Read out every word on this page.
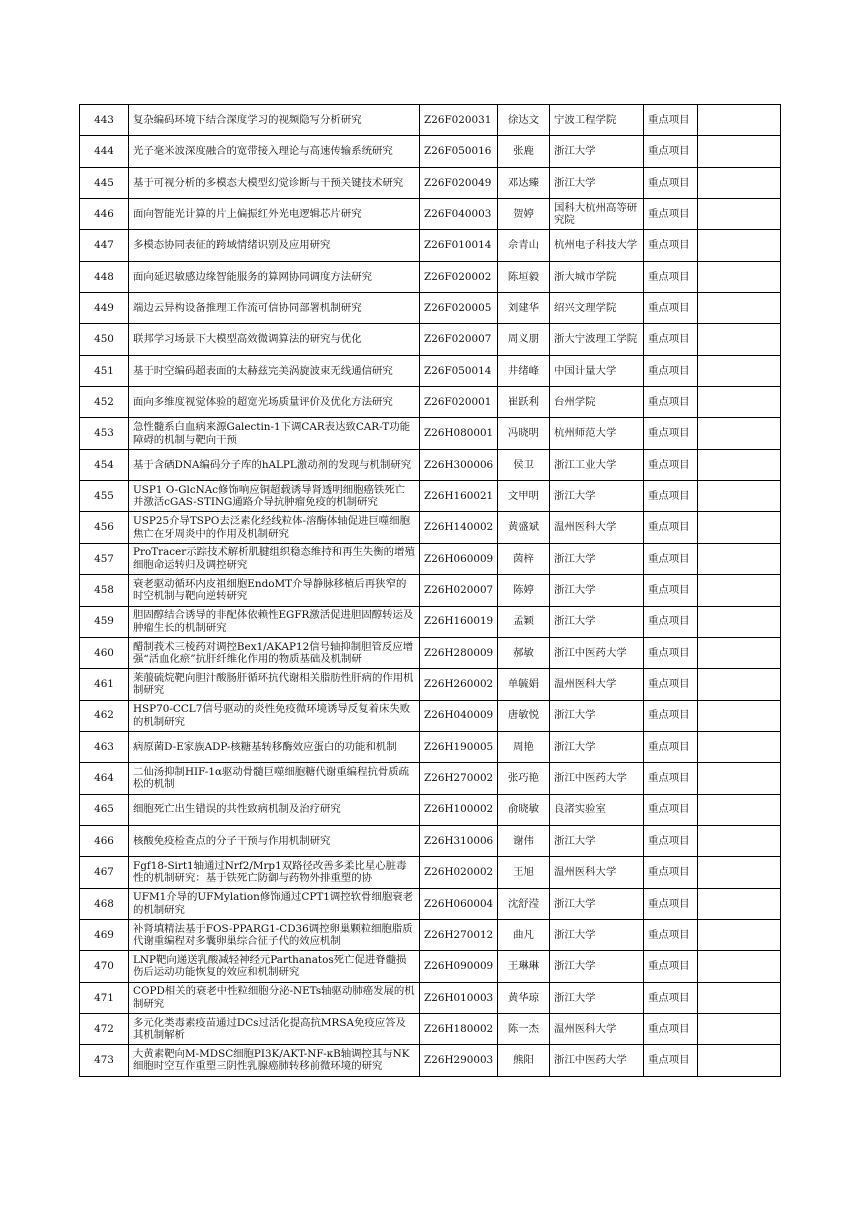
443	复杂编码环境下结合深度学习的视频隐写分析研究	Z26F020031	徐达文	宁波工程学院	重点项目	
444	光子毫米波深度融合的宽带接入理论与高速传输系统研究	Z26F050016	张鹿	浙江大学	重点项目	
445	基于可视分析的多模态大模型幻觉诊断与干预关键技术研究	Z26F020049	邓达臻	浙江大学	重点项目	
446	面向智能光计算的片上偏振红外光电逻辑芯片研究	Z26F040003	贺婷	国科大杭州高等研究院	重点项目	
447	多模态协同表征的跨域情绪识别及应用研究	Z26F010014	佘青山	杭州电子科技大学	重点项目	
448	面向延迟敏感边缘智能服务的算网协同调度方法研究	Z26F020002	陈垣毅	浙大城市学院	重点项目	
449	端边云异构设备推理工作流可信协同部署机制研究	Z26F020005	刘建华	绍兴文理学院	重点项目	
450	联邦学习场景下大模型高效微调算法的研究与优化	Z26F020007	周义朋	浙大宁波理工学院	重点项目	
451	基于时空编码超表面的太赫兹完美涡旋波束无线通信研究	Z26F050014	井绪峰	中国计量大学	重点项目	
452	面向多维度视觉体验的超宽光场质量评价及优化方法研究	Z26F020001	崔跃利	台州学院	重点项目	
453	急性髓系白血病来源Galectin-1下调CAR表达致CAR-T功能障碍的机制与靶向干预	Z26H080001	冯晓明	杭州师范大学	重点项目	
454	基于含硒DNA编码分子库的hALPL激动剂的发现与机制研究	Z26H300006	侯卫	浙江工业大学	重点项目	
455	USP1 O-GlcNAc修饰响应铜超载诱导肾透明细胞癌铁死亡并激活cGAS-STING通路介导抗肿瘤免疫的机制研究	Z26H160021	文甲明	浙江大学	重点项目	
456	USP25介导TSPO去泛素化经线粒体-溶酶体轴促进巨噬细胞焦亡在牙周炎中的作用及机制研究	Z26H140002	黄盛斌	温州医科大学	重点项目	
457	ProTracer示踪技术解析肌腱组织稳态维持和再生失衡的增殖细胞命运转归及调控研究	Z26H060009	茵梓	浙江大学	重点项目	
458	衰老驱动循环内皮祖细胞EndoMT介导静脉移植后再狭窄的时空机制与靶向逆转研究	Z26H020007	陈婷	浙江大学	重点项目	
459	胆固醇结合诱导的非配体依赖性EGFR激活促进胆固醇转运及肿瘤生长的机制研究	Z26H160019	孟颖	浙江大学	重点项目	
460	醋制莪术三棱药对调控Bex1/AKAP12信号轴抑制胆管反应增强“活血化瘀”抗肝纤维化作用的物质基础及机制研	Z26H280009	郝敏	浙江中医药大学	重点项目	
461	莱菔硫烷靶向胆汁酸肠肝循环抗代谢相关脂肪性肝病的作用机制研究	Z26H260002	单毓娟	温州医科大学	重点项目	
462	HSP70-CCL7信号驱动的炎性免疫微环境诱导反复着床失败的机制研究	Z26H040009	唐敏悦	浙江大学	重点项目	
463	病原菌D-E家族ADP-核糖基转移酶效应蛋白的功能和机制	Z26H190005	周艳	浙江大学	重点项目	
464	二仙汤抑制HIF-1α驱动骨髓巨噬细胞糖代谢重编程抗骨质疏松的机制	Z26H270002	张巧艳	浙江中医药大学	重点项目	
465	细胞死亡出生错误的共性致病机制及治疗研究	Z26H100002	俞晓敏	良渚实验室	重点项目	
466	核酸免疫检查点的分子干预与作用机制研究	Z26H310006	谢伟	浙江大学	重点项目	
467	Fgf18-Sirt1轴通过Nrf2/Mrp1双路径改善多柔比星心脏毒性的机制研究：基于铁死亡防御与药物外排重塑的协	Z26H020002	王旭	温州医科大学	重点项目	
468	UFM1介导的UFMylation修饰通过CPT1调控软骨细胞衰老的机制研究	Z26H060004	沈舒滢	浙江大学	重点项目	
469	补肾填精法基于FOS-PPARG1-CD36调控卵巢颗粒细胞脂质代谢重编程对多囊卵巢综合征子代的效应机制	Z26H270012	曲凡	浙江大学	重点项目	
470	LNP靶向递送乳酸减轻神经元Parthanatos死亡促进脊髓损伤后运动功能恢复的效应和机制研究	Z26H090009	王琳琳	浙江大学	重点项目	
471	COPD相关的衰老中性粒细胞分泌-NETs轴驱动肺癌发展的机制研究	Z26H010003	黄华琼	浙江大学	重点项目	
472	多元化类毒素疫苗通过DCs过活化提高抗MRSA免疫应答及其机制解析	Z26H180002	陈一杰	温州医科大学	重点项目	
473	大黄素靶向M-MDSC细胞PI3K/AKT-NF-κB轴调控其与NK细胞时空互作重塑三阴性乳腺癌肺转移前微环境的研究	Z26H290003	熊阳	浙江中医药大学	重点项目	
